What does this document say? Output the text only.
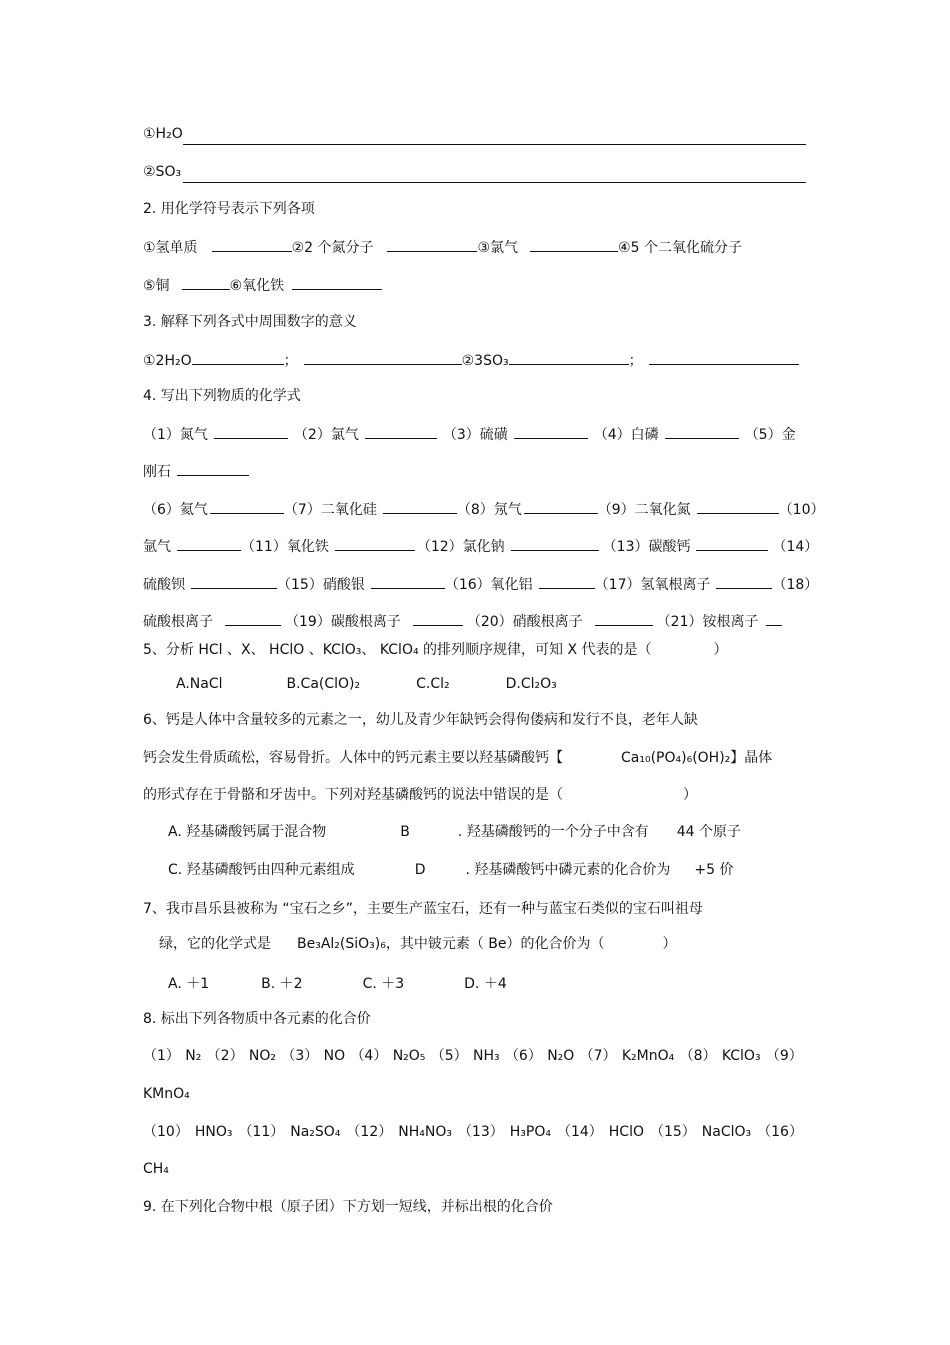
①H₂O
②SO₃
2. 用化学符号表示下列各项
①氢单质	②2 个氮分子	③氯气	④5 个二氧化硫分子
⑤铜	⑥氧化铁
3. 解释下列各式中周围数字的意义
①2H₂O	；	②3SO₃	；
4. 写出下列物质的化学式
（1）氮气	（2）氯气	（3）硫磺	（4）白磷	（5）金
刚石
（6）氦气	（7）二氧化硅	（8）氖气	（9）二氧化氮	（10）
氩气	（11）氧化铁	（12）氯化钠	（13）碳酸钙	（14）
硫酸钡	（15）硝酸银	（16）氧化铝	（17）氢氧根离子	（18）
硫酸根离子	（19）碳酸根离子	（20）硝酸根离子	（21）铵根离子
5、分析 HCl 、X、 HClO 、KClO₃、 KClO₄ 的排列顺序规律，可知 X 代表的是（	）
A.NaCl	B.Ca(ClO)₂	C.Cl₂	D.Cl₂O₃
6、钙是人体中含量较多的元素之一，幼儿及青少年缺钙会得佝偻病和发行不良，老年人缺
钙会发生骨质疏松，容易骨折。人体中的钙元素主要以羟基磷酸钙【	Ca₁₀(PO₄)₆(OH)₂】晶体
的形式存在于骨骼和牙齿中。下列对羟基磷酸钙的说法中错误的是（	）
A. 羟基磷酸钙属于混合物	B	. 羟基磷酸钙的一个分子中含有 44 个原子
C. 羟基磷酸钙由四种元素组成	D	. 羟基磷酸钙中磷元素的化合价为 +5 价
7、我市昌乐县被称为 “宝石之乡”，主要生产蓝宝石，还有一种与蓝宝石类似的宝石叫祖母
绿，它的化学式是 Be₃Al₂(SiO₃)₆，其中铍元素（ Be）的化合价为（	）
A. ＋1	B. ＋2	C. ＋3	D. ＋4
8. 标出下列各物质中各元素的化合价
（1） N₂ （2） NO₂ （3） NO （4） N₂O₅ （5） NH₃ （6） N₂O （7） K₂MnO₄ （8） KClO₃ （9）
KMnO₄
（10） HNO₃ （11） Na₂SO₄ （12） NH₄NO₃ （13） H₃PO₄ （14） HClO （15） NaClO₃ （16）
CH₄
9. 在下列化合物中根（原子团）下方划一短线，并标出根的化合价
